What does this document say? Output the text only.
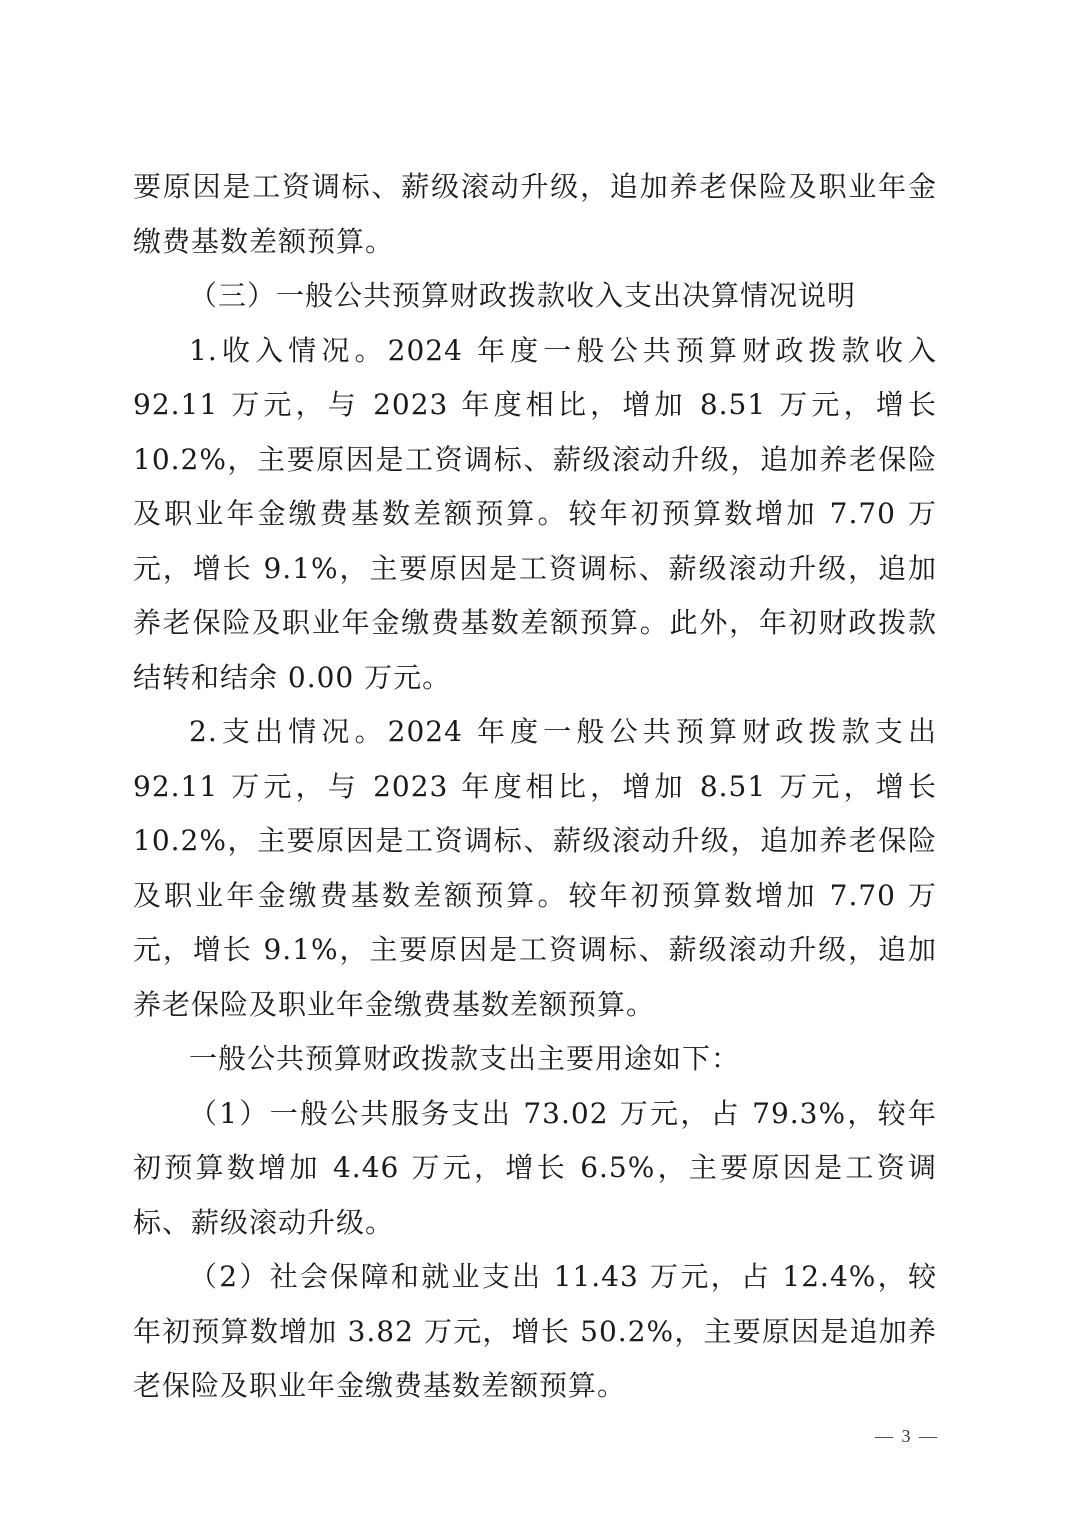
要原因是工资调标、薪级滚动升级，追加养老保险及职业年金缴费基数差额预算。

（三）一般公共预算财政拨款收入支出决算情况说明

1.收入情况。2024 年度一般公共预算财政拨款收入 92.11 万元，与 2023 年度相比，增加 8.51 万元，增长 10.2%，主要原因是工资调标、薪级滚动升级，追加养老保险及职业年金缴费基数差额预算。较年初预算数增加 7.70 万元，增长 9.1%，主要原因是工资调标、薪级滚动升级，追加养老保险及职业年金缴费基数差额预算。此外，年初财政拨款结转和结余 0.00 万元。

2.支出情况。2024 年度一般公共预算财政拨款支出 92.11 万元，与 2023 年度相比，增加 8.51 万元，增长 10.2%，主要原因是工资调标、薪级滚动升级，追加养老保险及职业年金缴费基数差额预算。较年初预算数增加 7.70 万元，增长 9.1%，主要原因是工资调标、薪级滚动升级，追加养老保险及职业年金缴费基数差额预算。

一般公共预算财政拨款支出主要用途如下：

（1）一般公共服务支出 73.02 万元，占 79.3%，较年初预算数增加 4.46 万元，增长 6.5%，主要原因是工资调标、薪级滚动升级。

（2）社会保障和就业支出 11.43 万元，占 12.4%，较年初预算数增加 3.82 万元，增长 50.2%，主要原因是追加养老保险及职业年金缴费基数差额预算。

— 3 —
